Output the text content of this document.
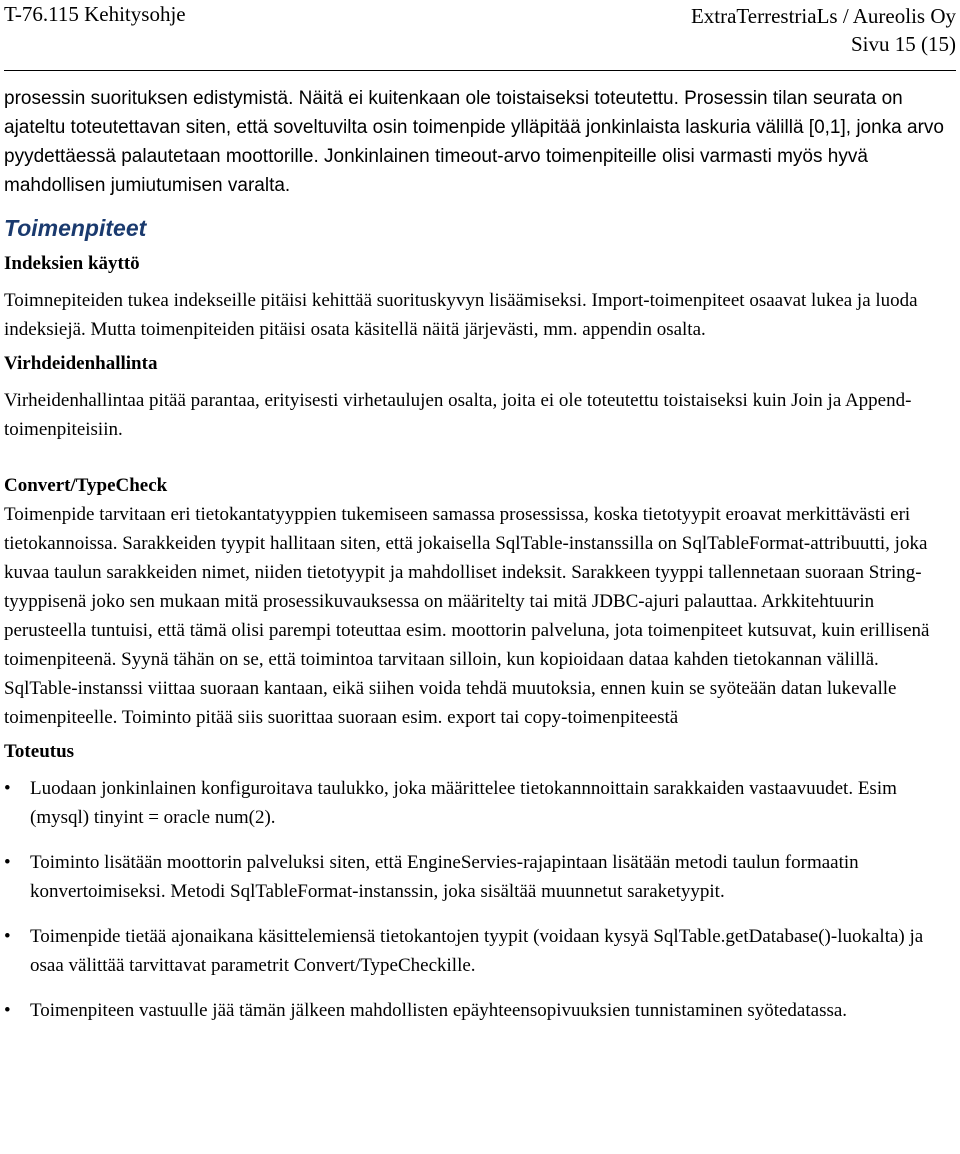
T-76.115 Kehitysohje	ExtraTerrestriaLs / Aureolis Oy
Sivu 15 (15)

prosessin suorituksen edistymistä. Näitä ei kuitenkaan ole toistaiseksi toteutettu. Prosessin tilan seurata on ajateltu toteutettavan siten, että soveltuvilta osin toimenpide ylläpitää jonkinlaista laskuria välillä [0,1], jonka arvo pyydettäessä palautetaan moottorille. Jonkinlainen timeout-arvo toimenpiteille olisi varmasti myös hyvä mahdollisen jumiutumisen varalta.

Toimenpiteet
Indeksien käyttö

Toimnepiteiden tukea indekseille pitäisi kehittää suorituskyvyn lisäämiseksi. Import-toimenpiteet osaavat lukea ja luoda indeksiejä. Mutta toimenpiteiden pitäisi osata käsitellä näitä järjevästi, mm. appendin osalta.

Virhdeidenhallinta

Virheidenhallintaa pitää parantaa, erityisesti virhetaulujen osalta, joita ei ole toteutettu toistaiseksi kuin Join ja Append-toimenpiteisiin.

Convert/TypeCheck

Toimenpide tarvitaan eri tietokantatyyppien tukemiseen samassa prosessissa, koska tietotyypit eroavat merkittävästi eri tietokannoissa. Sarakkeiden tyypit hallitaan siten, että jokaisella SqlTable-instanssilla on SqlTableFormat-attribuutti, joka kuvaa taulun sarakkeiden nimet, niiden tietotyypit ja mahdolliset indeksit. Sarakkeen tyyppi tallennetaan suoraan String-tyyppisenä joko sen mukaan mitä prosessikuvauksessa on määritelty tai mitä JDBC-ajuri palauttaa. Arkkitehtuurin perusteella tuntuisi, että tämä olisi parempi toteuttaa esim. moottorin palveluna, jota toimenpiteet kutsuvat, kuin erillisenä toimenpiteenä. Syynä tähän on se, että toimintoa tarvitaan silloin, kun kopioidaan dataa kahden tietokannan välillä. SqlTable-instanssi viittaa suoraan kantaan, eikä siihen voida tehdä muutoksia, ennen kuin se syöteään datan lukevalle toimenpiteelle. Toiminto pitää siis suorittaa suoraan esim. export tai copy-toimenpiteestä

Toteutus
• Luodaan jonkinlainen konfiguroitava taulukko, joka määrittelee tietokannnoittain sarakkaiden vastaavuudet. Esim (mysql) tinyint = oracle num(2).
• Toiminto lisätään moottorin palveluksi siten, että EngineServies-rajapintaan lisätään metodi taulun formaatin konvertoimiseksi. Metodi SqlTableFormat-instanssin, joka sisältää muunnetut saraketyypit.
• Toimenpide tietää ajonaikana käsittelemiensä tietokantojen tyypit (voidaan kysyä SqlTable.getDatabase()-luokalta) ja osaa välittää tarvittavat parametrit Convert/TypeCheckille.
• Toimenpiteen vastuulle jää tämän jälkeen mahdollisten epäyhteensopivuuksien tunnistaminen syötedatassa.
